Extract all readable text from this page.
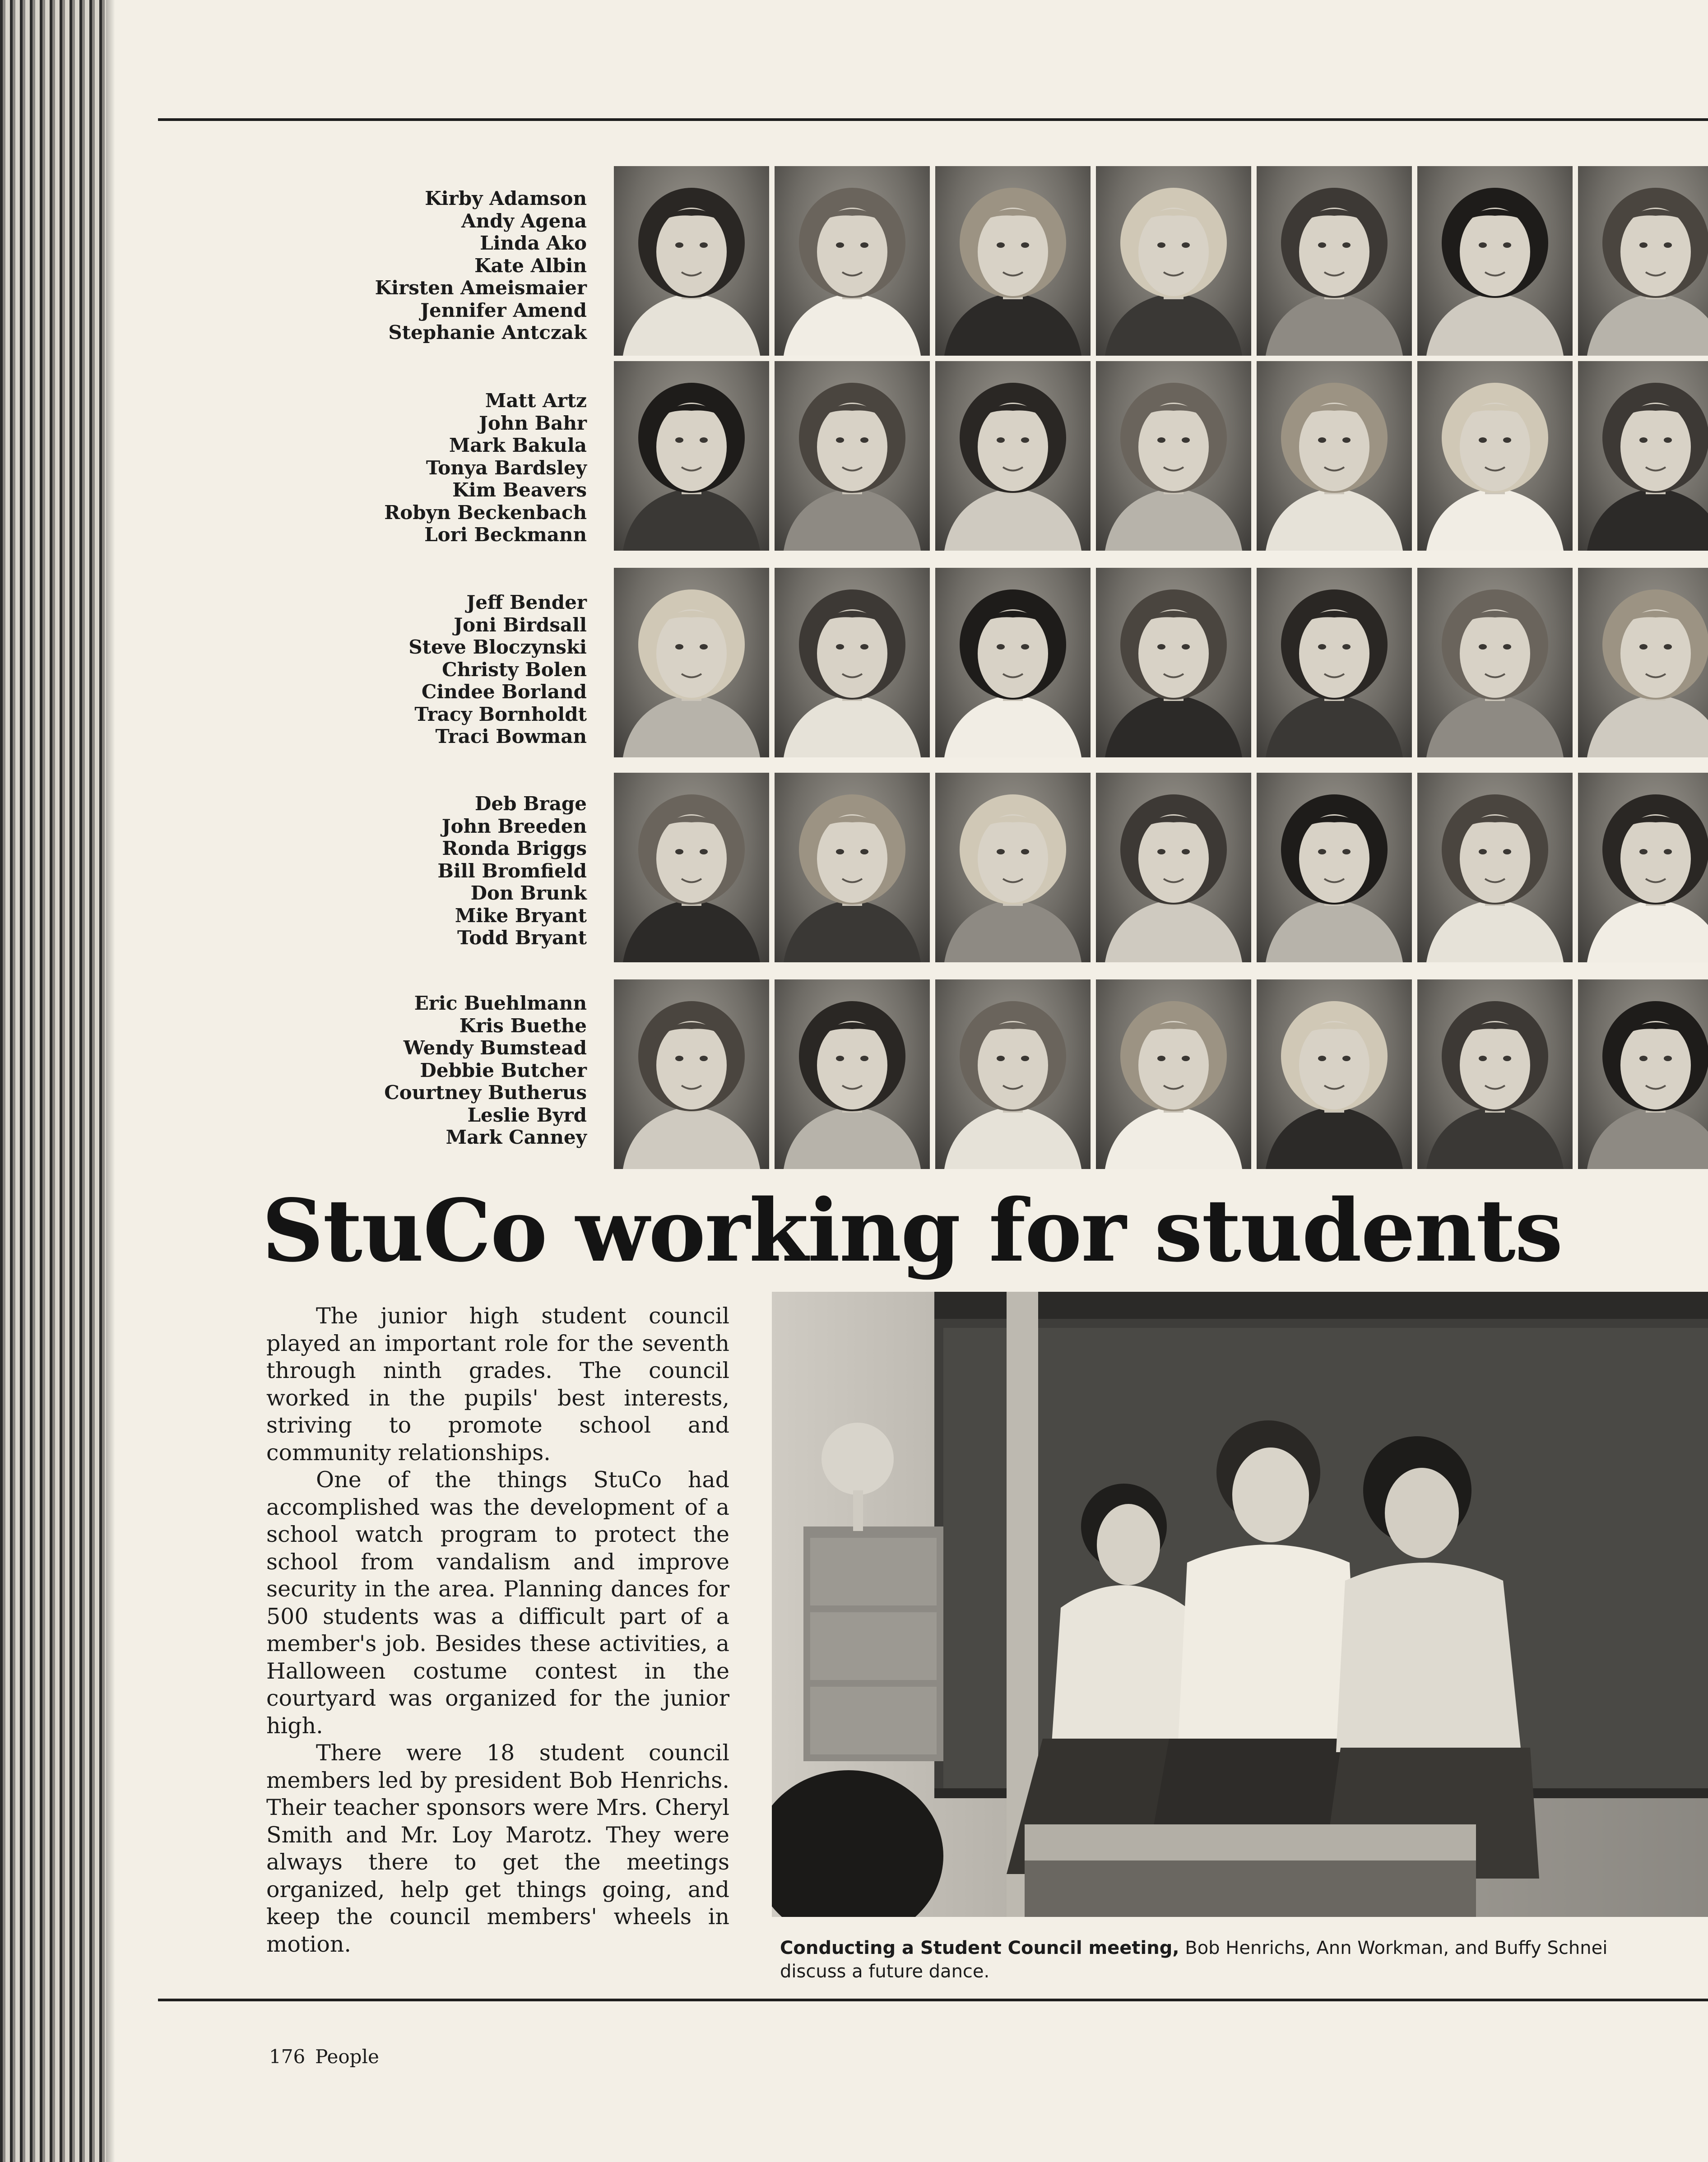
Kirby Adamson
Andy Agena
Linda Ako
Kate Albin
Kirsten Ameismaier
Jennifer Amend
Stephanie Antczak
Matt Artz
John Bahr
Mark Bakula
Tonya Bardsley
Kim Beavers
Robyn Beckenbach
Lori Beckmann
Jeff Bender
Joni Birdsall
Steve Bloczynski
Christy Bolen
Cindee Borland
Tracy Bornholdt
Traci Bowman
Deb Brage
John Breeden
Ronda Briggs
Bill Bromfield
Don Brunk
Mike Bryant
Todd Bryant
Eric Buehlmann
Kris Buethe
Wendy Bumstead
Debbie Butcher
Courtney Butherus
Leslie Byrd
Mark Canney
StuCo working for students

The junior high student council played an important role for the seventh through ninth grades. The council worked in the pupils' best interests, striving to promote school and community relationships.

One of the things StuCo had accomplished was the development of a school watch program to protect the school from vandalism and improve security in the area. Planning dances for 500 students was a difficult part of a member's job. Besides these activities, a Halloween costume contest in the courtyard was organized for the junior high.

There were 18 student council members led by president Bob Henrichs. Their teacher sponsors were Mrs. Cheryl Smith and Mr. Loy Marotz. They were always there to get the meetings organized, help get things going, and keep the council members' wheels in motion.	Conducting a Student Council meeting, Bob Henrichs, Ann Workman, and Buffy Schnei
discuss a future dance.
176 People
